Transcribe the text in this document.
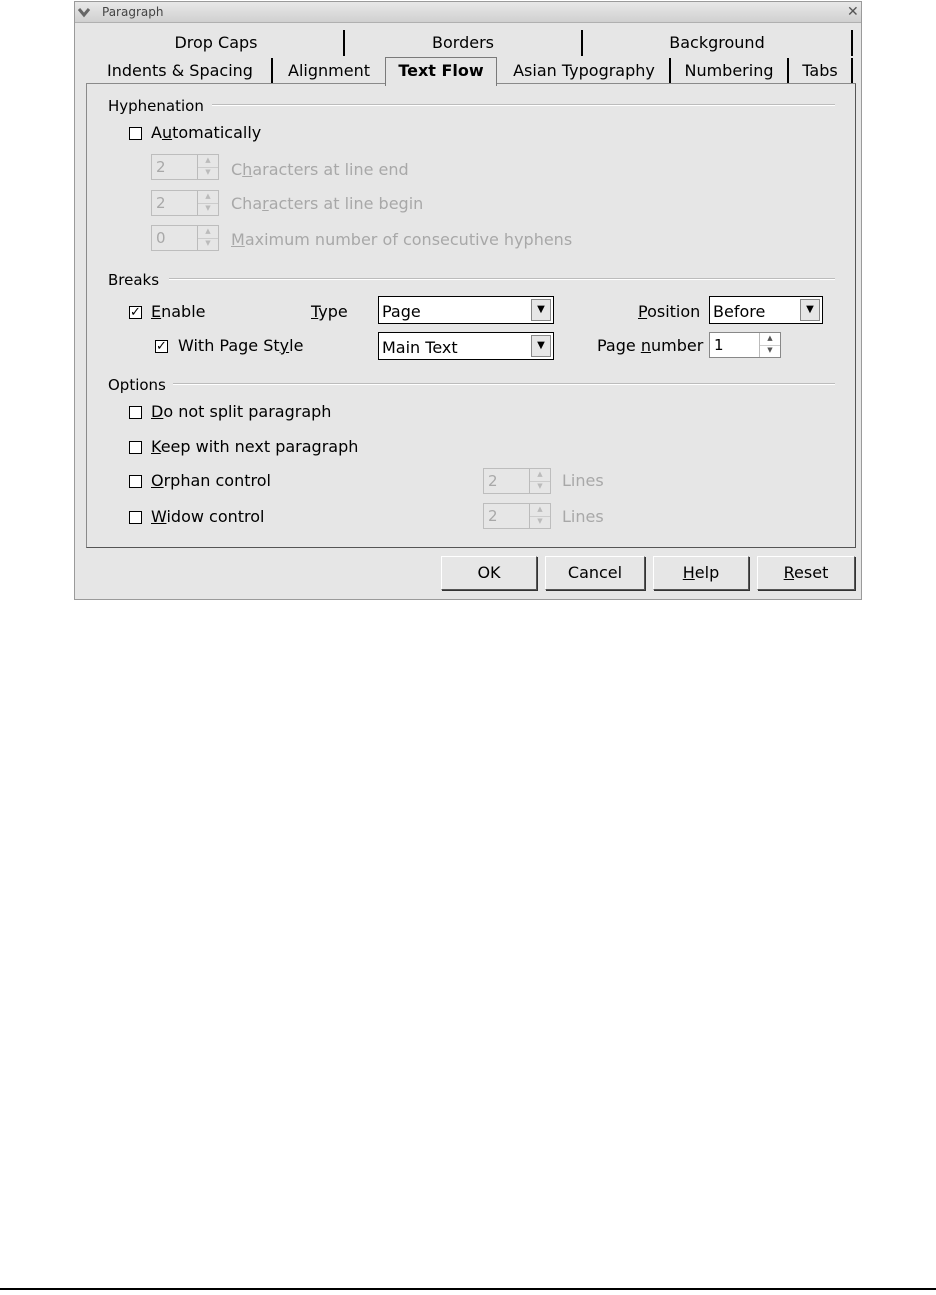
Paragraph	✕
Drop Caps	Borders	Background
Indents & Spacing	Alignment	Text Flow	Asian Typography	Numbering	Tabs
Hyphenation
Automatically
2	▲
▼	Characters at line end
2	▲
▼	Characters at line begin
0	▲
▼	Maximum number of consecutive hyphens
Breaks
✓ Enable	Type Page	▼	Position Before	▼
✓ With Page Style	Main Text	▼	Page number 1	▲
▼
Options
Do not split paragraph
Keep with next paragraph
Orphan control	2	▲
▼	Lines
Widow control	2	▲
▼	Lines
OK	Cancel	Help	Reset
